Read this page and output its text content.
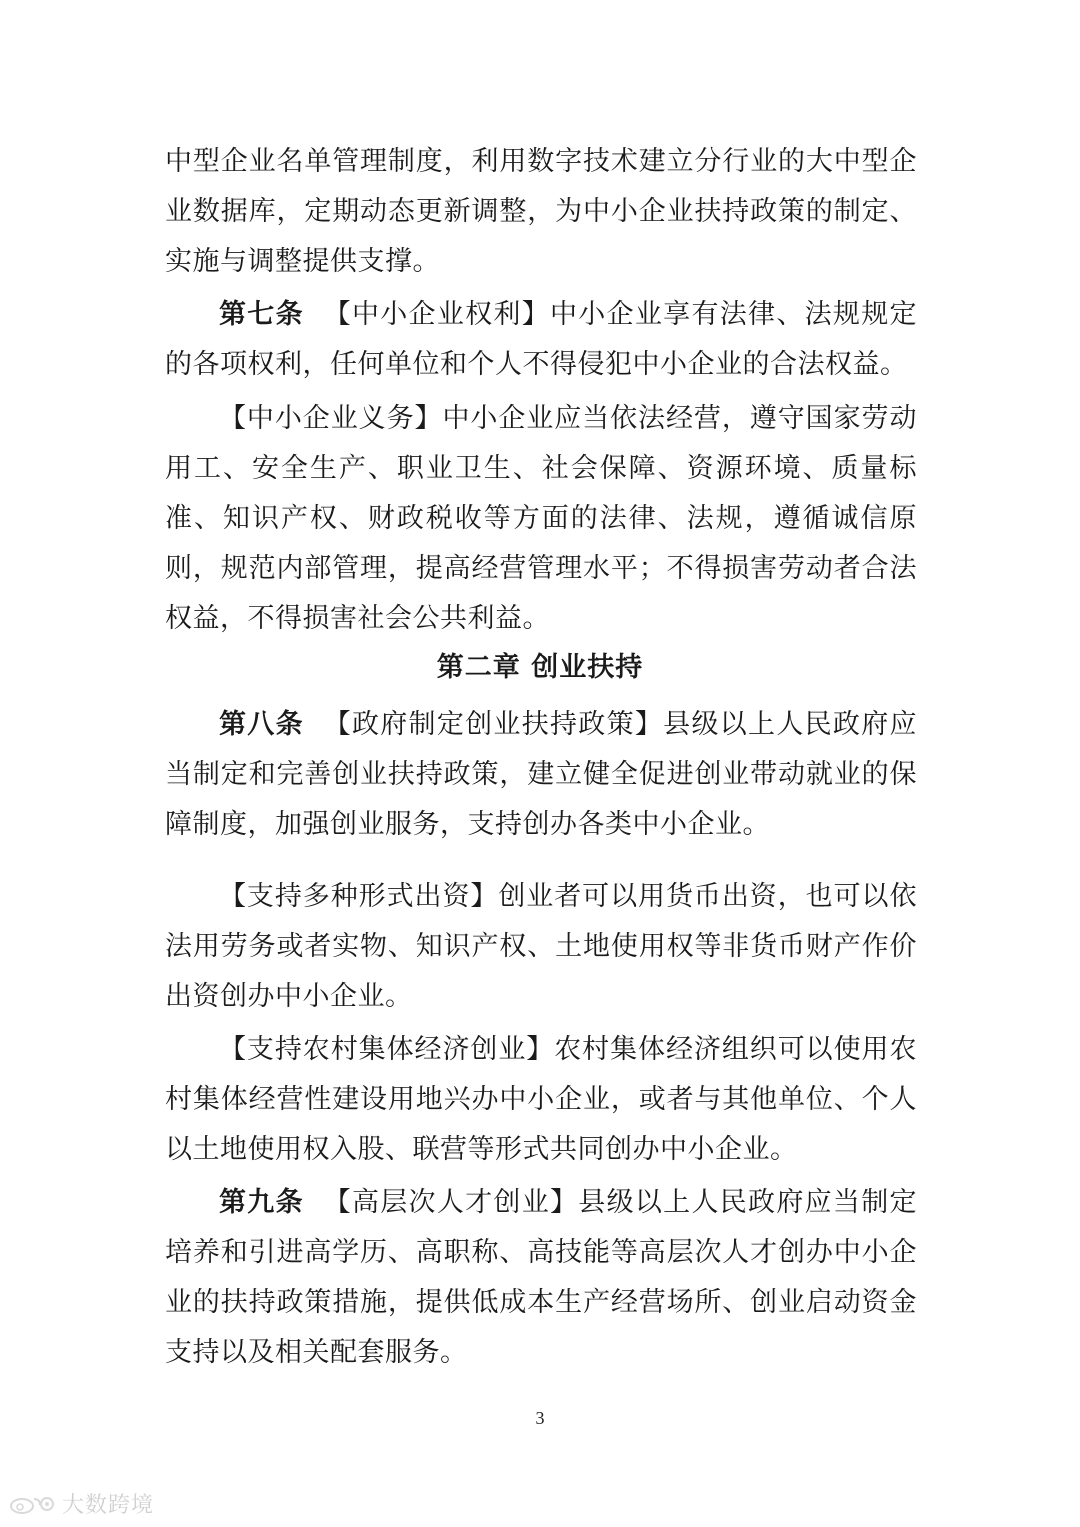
中型企业名单管理制度，利用数字技术建立分行业的大中型企业数据库，定期动态更新调整，为中小企业扶持政策的制定、实施与调整提供支撑。

第七条 【中小企业权利】中小企业享有法律、法规规定的各项权利，任何单位和个人不得侵犯中小企业的合法权益。

【中小企业义务】中小企业应当依法经营，遵守国家劳动用工、安全生产、职业卫生、社会保障、资源环境、质量标准、知识产权、财政税收等方面的法律、法规，遵循诚信原则，规范内部管理，提高经营管理水平；不得损害劳动者合法权益，不得损害社会公共利益。

第二章 创业扶持

第八条 【政府制定创业扶持政策】县级以上人民政府应当制定和完善创业扶持政策，建立健全促进创业带动就业的保障制度，加强创业服务，支持创办各类中小企业。

【支持多种形式出资】创业者可以用货币出资，也可以依法用劳务或者实物、知识产权、土地使用权等非货币财产作价出资创办中小企业。

【支持农村集体经济创业】农村集体经济组织可以使用农村集体经营性建设用地兴办中小企业，或者与其他单位、个人以土地使用权入股、联营等形式共同创办中小企业。

第九条 【高层次人才创业】县级以上人民政府应当制定培养和引进高学历、高职称、高技能等高层次人才创办中小企业的扶持政策措施，提供低成本生产经营场所、创业启动资金支持以及相关配套服务。

3
大数跨境
